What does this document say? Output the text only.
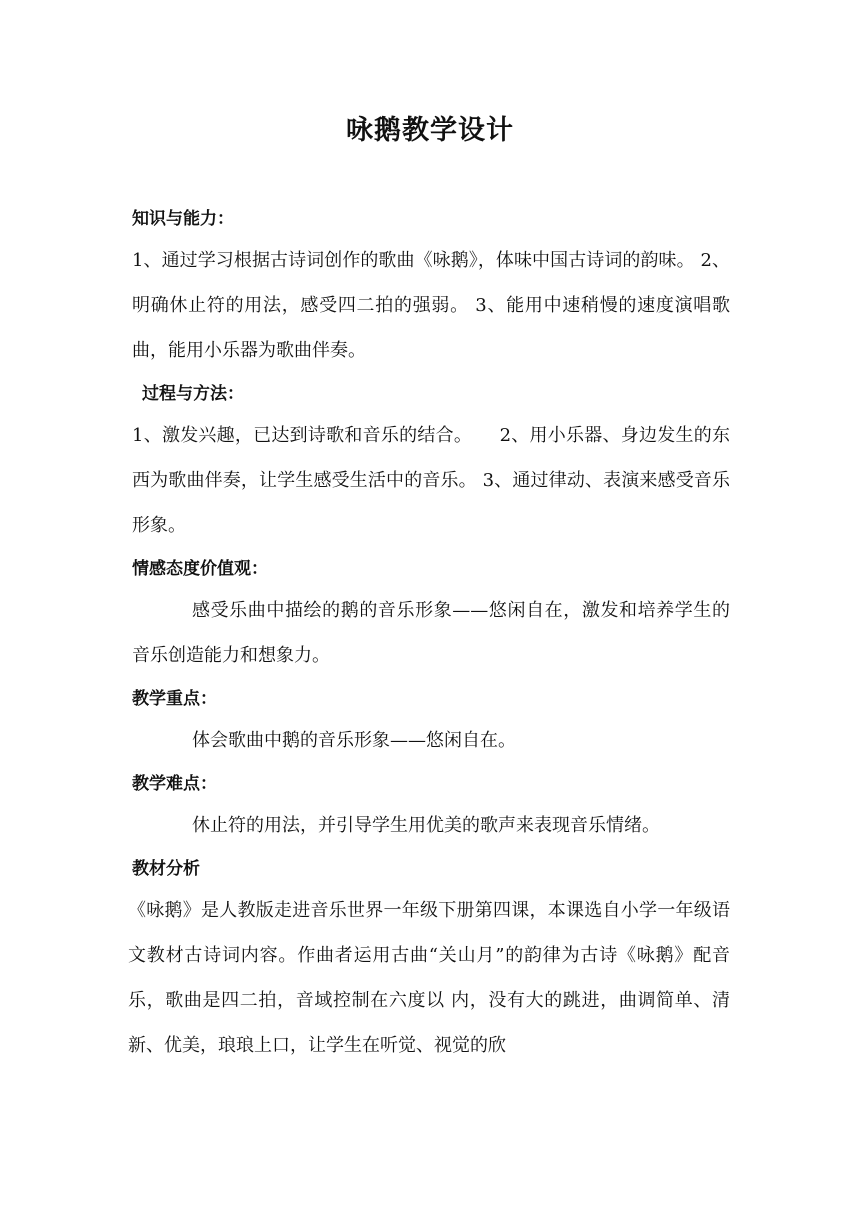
咏鹅教学设计
知识与能力：

1、通过学习根据古诗词创作的歌曲《咏鹅》，体味中国古诗词的韵味。 2、明确休止符的用法，感受四二拍的强弱。 3、能用中速稍慢的速度演唱歌曲，能用小乐器为歌曲伴奏。

过程与方法：

1、激发兴趣，已达到诗歌和音乐的结合。　　2、用小乐器、身边发生的东西为歌曲伴奏，让学生感受生活中的音乐。 3、通过律动、表演来感受音乐形象。

情感态度价值观：

感受乐曲中描绘的鹅的音乐形象——悠闲自在，激发和培养学生的音乐创造能力和想象力。

教学重点：

体会歌曲中鹅的音乐形象——悠闲自在。

教学难点：

休止符的用法，并引导学生用优美的歌声来表现音乐情绪。

教材分析

《咏鹅》是人教版走进音乐世界一年级下册第四课，本课选自小学一年级语文教材古诗词内容。作曲者运用古曲“关山月”的韵律为古诗《咏鹅》配音乐，歌曲是四二拍，音域控制在六度以 内，没有大的跳进，曲调简单、清新、优美，琅琅上口，让学生在听觉、视觉的欣
